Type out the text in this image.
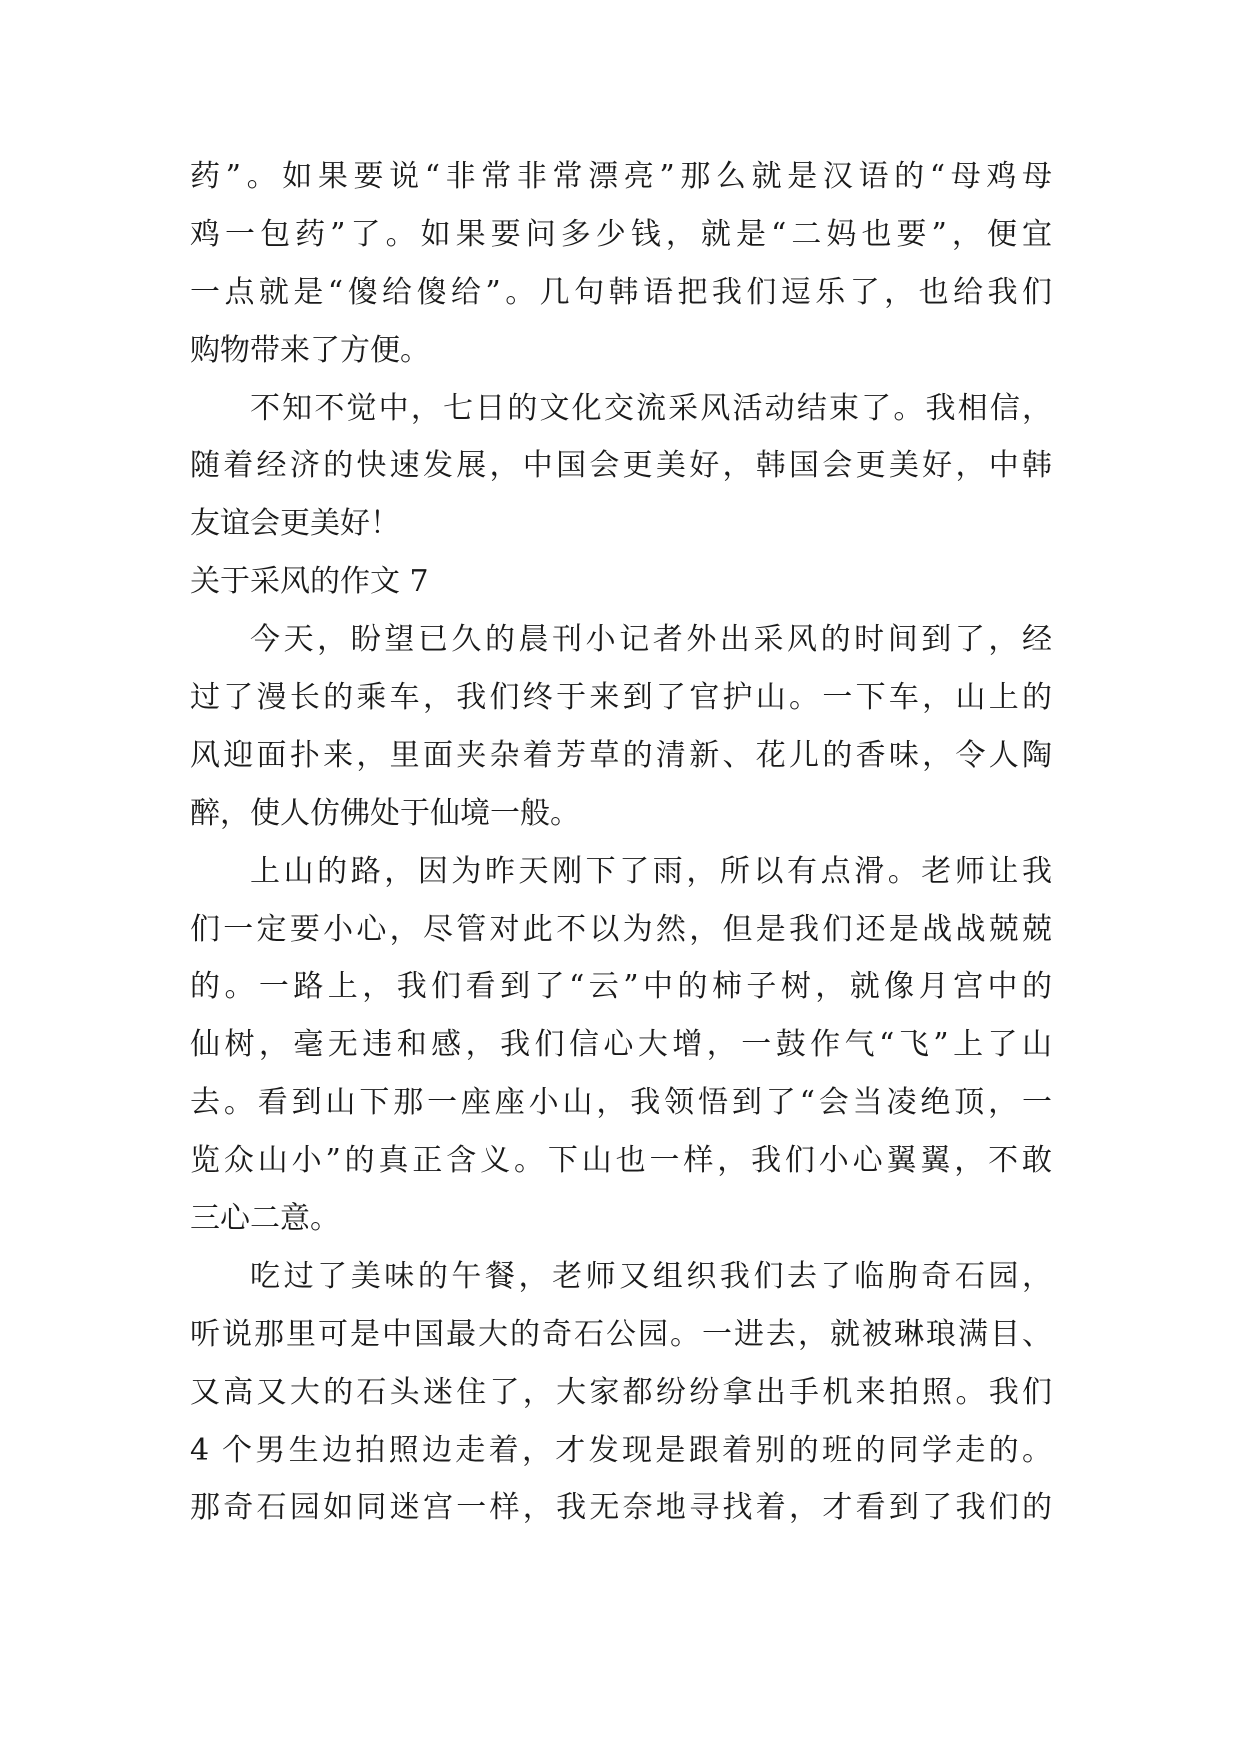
药”。如果要说“非常非常漂亮”那么就是汉语的“母鸡母
鸡一包药”了。如果要问多少钱，就是“二妈也要”，便宜
一点就是“傻给傻给”。几句韩语把我们逗乐了，也给我们
购物带来了方便。
不知不觉中，七日的文化交流采风活动结束了。我相信，
随着经济的快速发展，中国会更美好，韩国会更美好，中韩
友谊会更美好！
关于采风的作文 7
今天，盼望已久的晨刊小记者外出采风的时间到了，经
过了漫长的乘车，我们终于来到了官护山。一下车，山上的
风迎面扑来，里面夹杂着芳草的清新、花儿的香味，令人陶
醉，使人仿佛处于仙境一般。
上山的路，因为昨天刚下了雨，所以有点滑。老师让我
们一定要小心，尽管对此不以为然，但是我们还是战战兢兢
的。一路上，我们看到了“云”中的柿子树，就像月宫中的
仙树，毫无违和感，我们信心大增，一鼓作气“飞”上了山
去。看到山下那一座座小山，我领悟到了“会当凌绝顶，一
览众山小”的真正含义。下山也一样，我们小心翼翼，不敢
三心二意。
吃过了美味的午餐，老师又组织我们去了临朐奇石园，
听说那里可是中国最大的奇石公园。一进去，就被琳琅满目、
又高又大的石头迷住了，大家都纷纷拿出手机来拍照。我们
4 个男生边拍照边走着，才发现是跟着别的班的同学走的。
那奇石园如同迷宫一样，我无奈地寻找着，才看到了我们的
